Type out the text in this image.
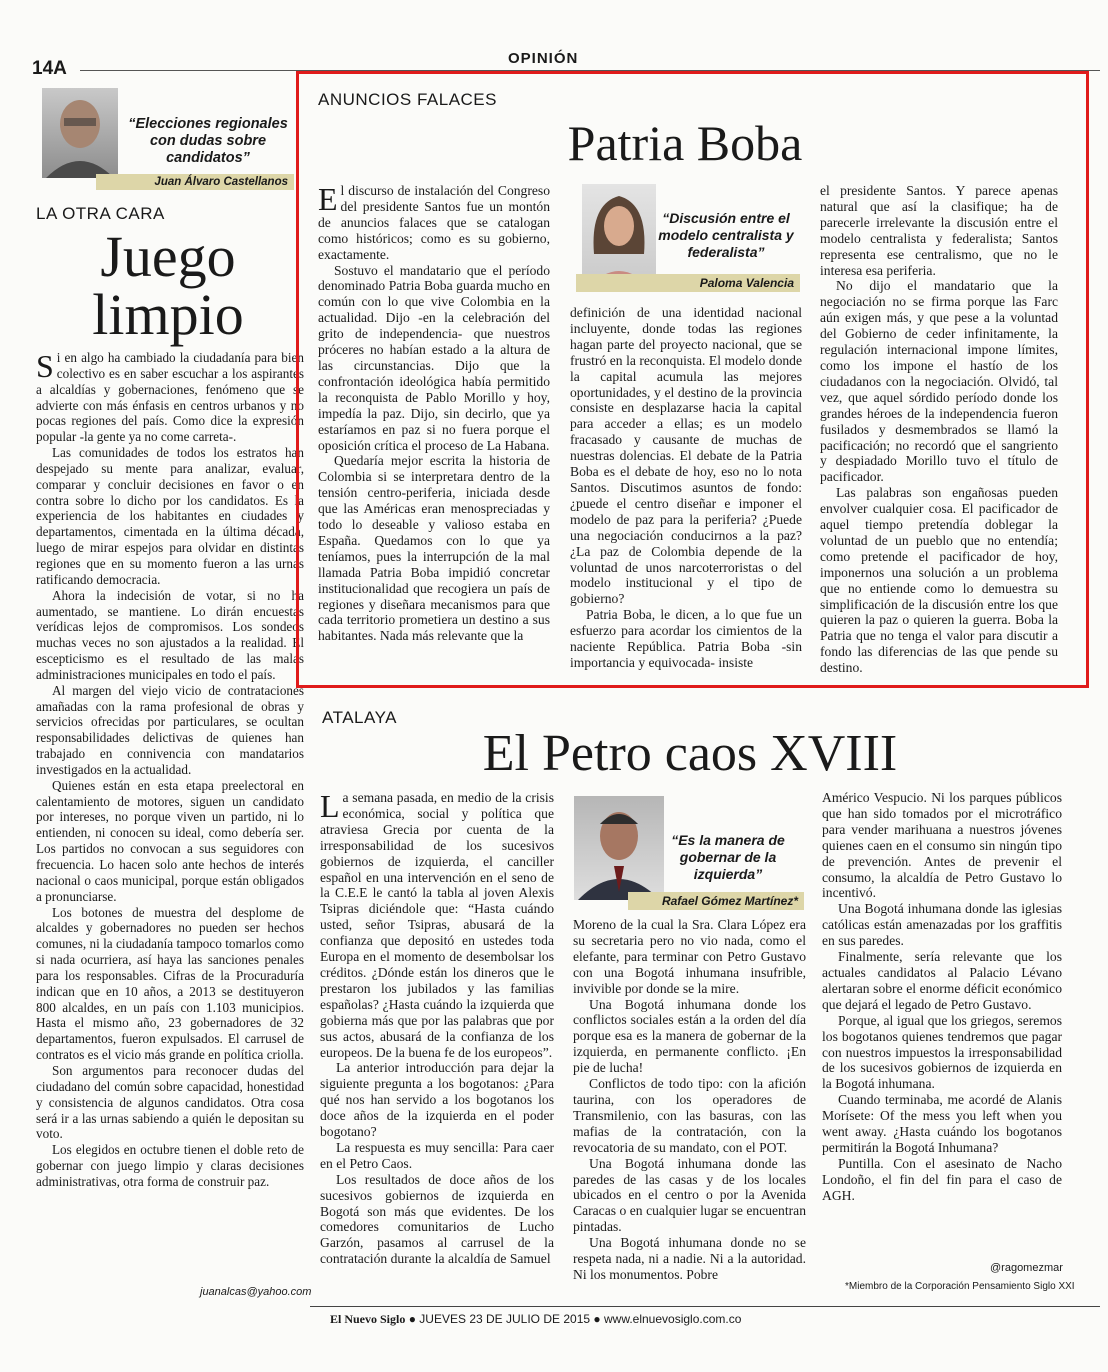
14A	OPINIÓN
“Elecciones regionales con dudas sobre candidatos”
Juan Álvaro Castellanos
LA OTRA CARA
Juego
limpio

Si en algo ha cambiado la ciudadanía para bien colectivo es en saber escuchar a los aspirantes a alcaldías y gobernaciones, fenómeno que se advierte con más énfasis en centros urbanos y no pocas regiones del país. Como dice la expresión popular -la gente ya no come carreta-.

Las comunidades de todos los estratos han despejado su mente para analizar, evaluar, comparar y concluir decisiones en favor o en contra sobre lo dicho por los candidatos. Es la experiencia de los habitantes en ciudades y departamentos, cimentada en la última década, luego de mirar espejos para olvidar en distintas regiones que en su momento fueron a las urnas ratificando democracia.

Ahora la indecisión de votar, si no ha aumentado, se mantiene. Lo dirán encuestas verídicas lejos de compromisos. Los sondeos muchas veces no son ajustados a la realidad. El escepticismo es el resultado de las malas administraciones municipales en todo el país.

Al margen del viejo vicio de contrataciones amañadas con la rama profesional de obras y servicios ofrecidas por particulares, se ocultan responsabilidades delictivas de quienes han trabajado en connivencia con mandatarios investigados en la actualidad.

Quienes están en esta etapa preelectoral en calentamiento de motores, siguen un candidato por intereses, no porque viven un partido, ni lo entienden, ni conocen su ideal, como debería ser. Los partidos no convocan a sus seguidores con frecuencia. Lo hacen solo ante hechos de interés nacional o caos municipal, porque están obligados a pronunciarse.

Los botones de muestra del desplome de alcaldes y gobernadores no pueden ser hechos comunes, ni la ciudadanía tampoco tomarlos como si nada ocurriera, así haya las sanciones penales para los responsables. Cifras de la Procuraduría indican que en 10 años, a 2013 se destituyeron 800 alcaldes, en un país con 1.103 municipios. Hasta el mismo año, 23 gobernadores de 32 departamentos, fueron expulsados. El carrusel de contratos es el vicio más grande en política criolla.

Son argumentos para reconocer dudas del ciudadano del común sobre capacidad, honestidad y consistencia de algunos candidatos. Otra cosa será ir a las urnas sabiendo a quién le depositan su voto.

Los elegidos en octubre tienen el doble reto de gobernar con juego limpio y claras decisiones administrativas, otra forma de construir paz.

juanalcas@yahoo.com
ANUNCIOS FALACES
Patria Boba

El discurso de instalación del Congreso del presidente Santos fue un montón de anuncios falaces que se catalogan como históricos; como es su gobierno, exactamente.

Sostuvo el mandatario que el período denominado Patria Boba guarda mucho en común con lo que vive Colombia en la actualidad. Dijo -en la celebración del grito de independencia- que nuestros próceres no habían estado a la altura de las circunstancias. Dijo que la confrontación ideológica había permitido la reconquista de Pablo Morillo y hoy, impedía la paz. Dijo, sin decirlo, que ya estaríamos en paz si no fuera porque el oposición crítica el proceso de La Habana.

Quedaría mejor escrita la historia de Colombia si se interpretara dentro de la tensión centro-periferia, iniciada desde que las Américas eran menospreciadas y todo lo deseable y valioso estaba en España. Quedamos con lo que ya teníamos, pues la interrupción de la mal llamada Patria Boba impidió concretar institucionalidad que recogiera un país de regiones y diseñara mecanismos para que cada territorio prometiera un destino a sus habitantes. Nada más relevante que la

“Discusión entre el modelo centralista y federalista”
Paloma Valencia

definición de una identidad nacional incluyente, donde todas las regiones hagan parte del proyecto nacional, que se frustró en la reconquista. El modelo donde la capital acumula las mejores oportunidades, y el destino de la provincia consiste en desplazarse hacia la capital para acceder a ellas; es un modelo fracasado y causante de muchas de nuestras dolencias. El debate de la Patria Boba es el debate de hoy, eso no lo nota Santos. Discutimos asuntos de fondo: ¿puede el centro diseñar e imponer el modelo de paz para la periferia? ¿Puede una negociación conducirnos a la paz? ¿La paz de Colombia depende de la voluntad de unos narcoterroristas o del modelo institucional y el tipo de gobierno?

Patria Boba, le dicen, a lo que fue un esfuerzo para acordar los cimientos de la naciente República. Patria Boba -sin importancia y equivocada- insiste

el presidente Santos. Y parece apenas natural que así la clasifique; ha de parecerle irrelevante la discusión entre el modelo centralista y federalista; Santos representa ese centralismo, que no le interesa esa periferia.

No dijo el mandatario que la negociación no se firma porque las Farc aún exigen más, y que pese a la voluntad del Gobierno de ceder infinitamente, la regulación internacional impone límites, como los impone el hastío de los ciudadanos con la negociación. Olvidó, tal vez, que aquel sórdido período donde los grandes héroes de la independencia fueron fusilados y desmembrados se llamó la pacificación; no recordó que el sangriento y despiadado Morillo tuvo el título de pacificador.

Las palabras son engañosas pueden envolver cualquier cosa. El pacificador de aquel tiempo pretendía doblegar la voluntad de un pueblo que no entendía; como pretende el pacificador de hoy, imponernos una solución a un problema que no entiende como lo demuestra su simplificación de la discusión entre los que quieren la paz o quieren la guerra. Boba la Patria que no tenga el valor para discutir a fondo las diferencias de las que pende su destino.

ATALAYA
El Petro caos XVIII

La semana pasada, en medio de la crisis económica, social y política que atraviesa Grecia por cuenta de la irresponsabilidad de los sucesivos gobiernos de izquierda, el canciller español en una intervención en el seno de la C.E.E le cantó la tabla al joven Alexis Tsipras diciéndole que: “Hasta cuándo usted, señor Tsipras, abusará de la confianza que depositó en ustedes toda Europa en el momento de desembolsar los créditos. ¿Dónde están los dineros que le prestaron los jubilados y las familias españolas? ¿Hasta cuándo la izquierda que gobierna más que por las palabras que por sus actos, abusará de la confianza de los europeos. De la buena fe de los europeos”.

La anterior introducción para dejar la siguiente pregunta a los bogotanos: ¿Para qué nos han servido a los bogotanos los doce años de la izquierda en el poder bogotano?

La respuesta es muy sencilla: Para caer en el Petro Caos.

Los resultados de doce años de los sucesivos gobiernos de izquierda en Bogotá son más que evidentes. De los comedores comunitarios de Lucho Garzón, pasamos al carrusel de la contratación durante la alcaldía de Samuel

“Es la manera de gobernar de la izquierda”
Rafael Gómez Martínez*

Moreno de la cual la Sra. Clara López era su secretaria pero no vio nada, como el elefante, para terminar con Petro Gustavo con una Bogotá inhumana insufrible, invivible por donde se la mire.

Una Bogotá inhumana donde los conflictos sociales están a la orden del día porque esa es la manera de gobernar de la izquierda, en permanente conflicto. ¡En pie de lucha!

Conflictos de todo tipo: con la afición taurina, con los operadores de Transmilenio, con las basuras, con las mafias de la contratación, con la revocatoria de su mandato, con el POT.

Una Bogotá inhumana donde las paredes de las casas y de los locales ubicados en el centro o por la Avenida Caracas o en cualquier lugar se encuentran pintadas.

Una Bogotá inhumana donde no se respeta nada, ni a nadie. Ni a la autoridad. Ni los monumentos. Pobre

Américo Vespucio. Ni los parques públicos que han sido tomados por el microtráfico para vender marihuana a nuestros jóvenes quienes caen en el consumo sin ningún tipo de prevención. Antes de prevenir el consumo, la alcaldía de Petro Gustavo lo incentivó.

Una Bogotá inhumana donde las iglesias católicas están amenazadas por los graffitis en sus paredes.

Finalmente, sería relevante que los actuales candidatos al Palacio Lévano alertaran sobre el enorme déficit económico que dejará el legado de Petro Gustavo.

Porque, al igual que los griegos, seremos los bogotanos quienes tendremos que pagar con nuestros impuestos la irresponsabilidad de los sucesivos gobiernos de izquierda en la Bogotá inhumana.

Cuando terminaba, me acordé de Alanis Morísete: Of the mess you left when you went away. ¿Hasta cuándo los bogotanos permitirán la Bogotá Inhumana?

Puntilla. Con el asesinato de Nacho Londoño, el fin del fin para el caso de AGH.

@ragomezmar
*Miembro de la Corporación Pensamiento Siglo XXI
El Nuevo Siglo ● JUEVES 23 DE JULIO DE 2015 ● www.elnuevosiglo.com.co
